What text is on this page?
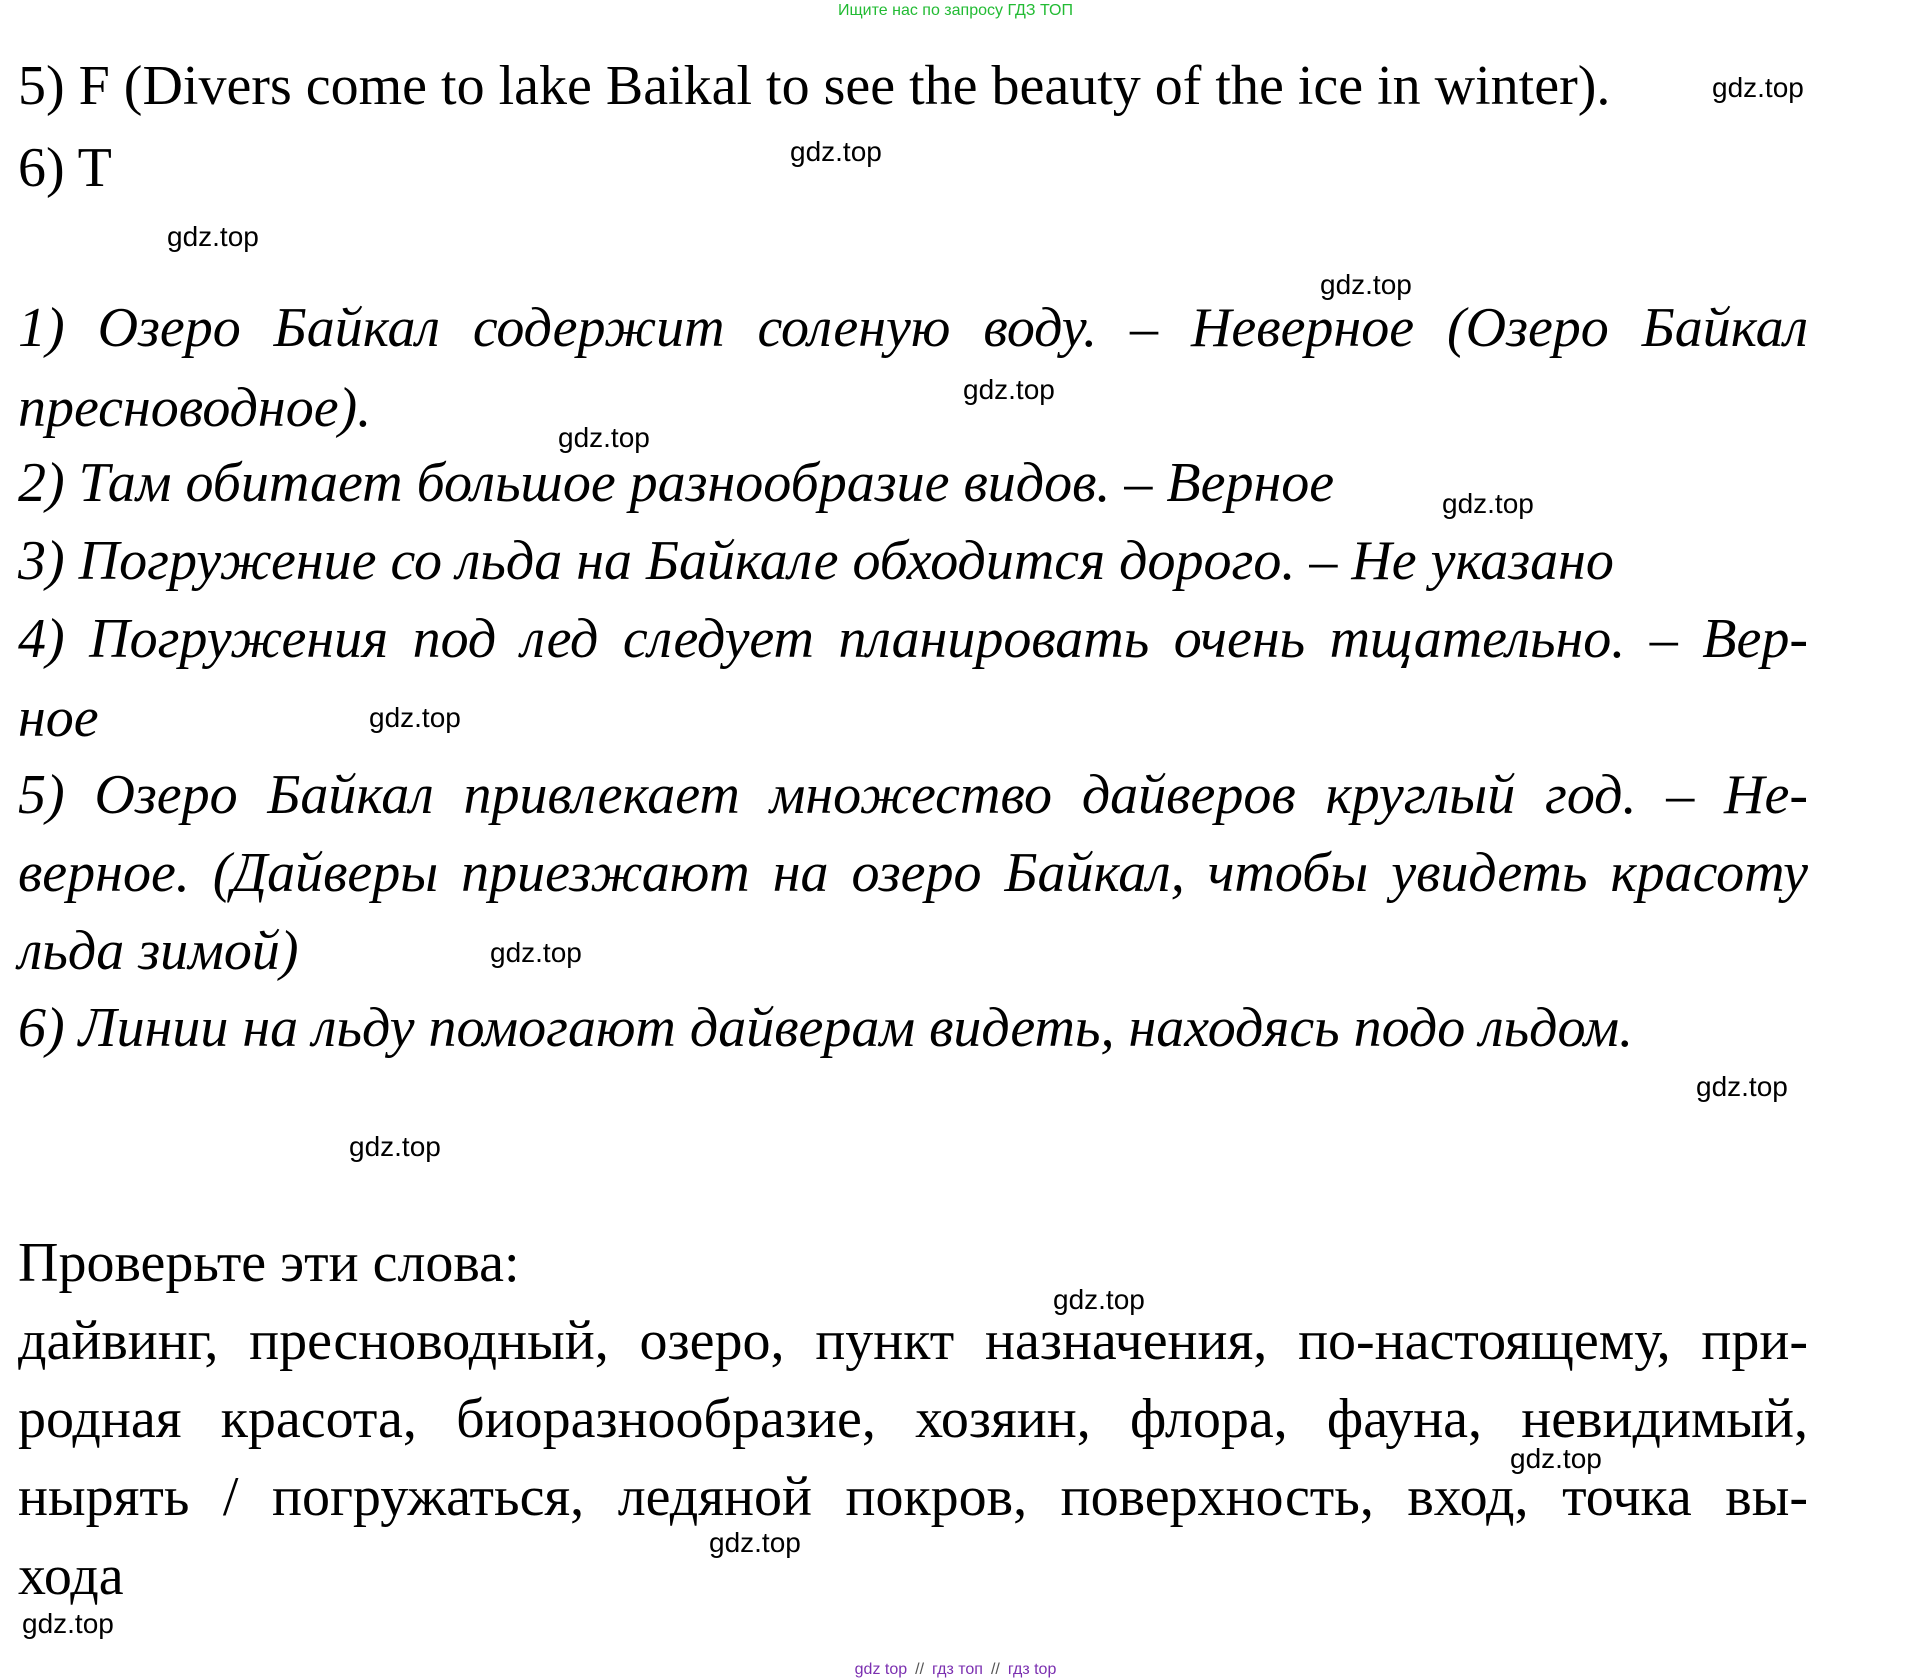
Ищите нас по запросу ГДЗ ТОП

5) F (Divers come to lake Baikal to see the beauty of the ice in winter).

6) T

1) Озеро Байкал содержит соленую воду. – Неверное (Озеро Байкал

пресноводное).

2) Там обитает большое разнообразие видов. – Верное

3) Погружение со льда на Байкале обходится дорого. – Не указано

4) Погружения под лед следует планировать очень тщательно. – Вер-

ное

5) Озеро Байкал привлекает множество дайверов круглый год. – Не-

верное. (Дайверы приезжают на озеро Байкал, чтобы увидеть красоту

льда зимой)

6) Линии на льду помогают дайверам видеть, находясь подо льдом.

Проверьте эти слова:

дайвинг, пресноводный, озеро, пункт назначения, по-настоящему, при-

родная красота, биоразнообразие, хозяин, флора, фауна, невидимый,

нырять / погружаться, ледяной покров, поверхность, вход, точка вы-

хода

gdz.top
gdz.top
gdz.top
gdz.top
gdz.top
gdz.top
gdz.top
gdz.top
gdz.top
gdz.top
gdz.top
gdz.top
gdz.top
gdz.top
gdz.top
gdz top // гдз топ // гдз top
